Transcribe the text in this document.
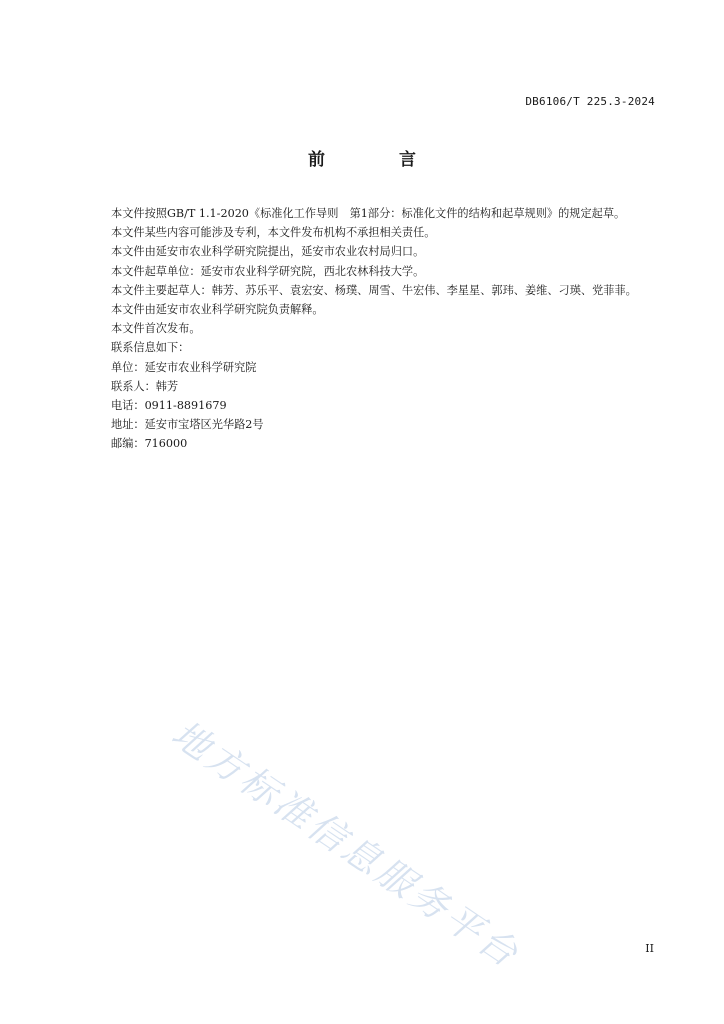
DB6106/T 225.3-2024
前 言

本文件按照GB/T 1.1-2020《标准化工作导则　第1部分：标准化文件的结构和起草规则》的规定起草。

本文件某些内容可能涉及专利，本文件发布机构不承担相关责任。

本文件由延安市农业科学研究院提出，延安市农业农村局归口。

本文件起草单位：延安市农业科学研究院，西北农林科技大学。

本文件主要起草人：韩芳、苏乐平、袁宏安、杨璞、周雪、牛宏伟、李星星、郭玮、姜维、刁瑛、党菲菲。

本文件由延安市农业科学研究院负责解释。

本文件首次发布。

联系信息如下：

单位：延安市农业科学研究院

联系人：韩芳

电话：0911-8891679

地址：延安市宝塔区光华路2号

邮编：716000

地方标准信息服务平台	II
